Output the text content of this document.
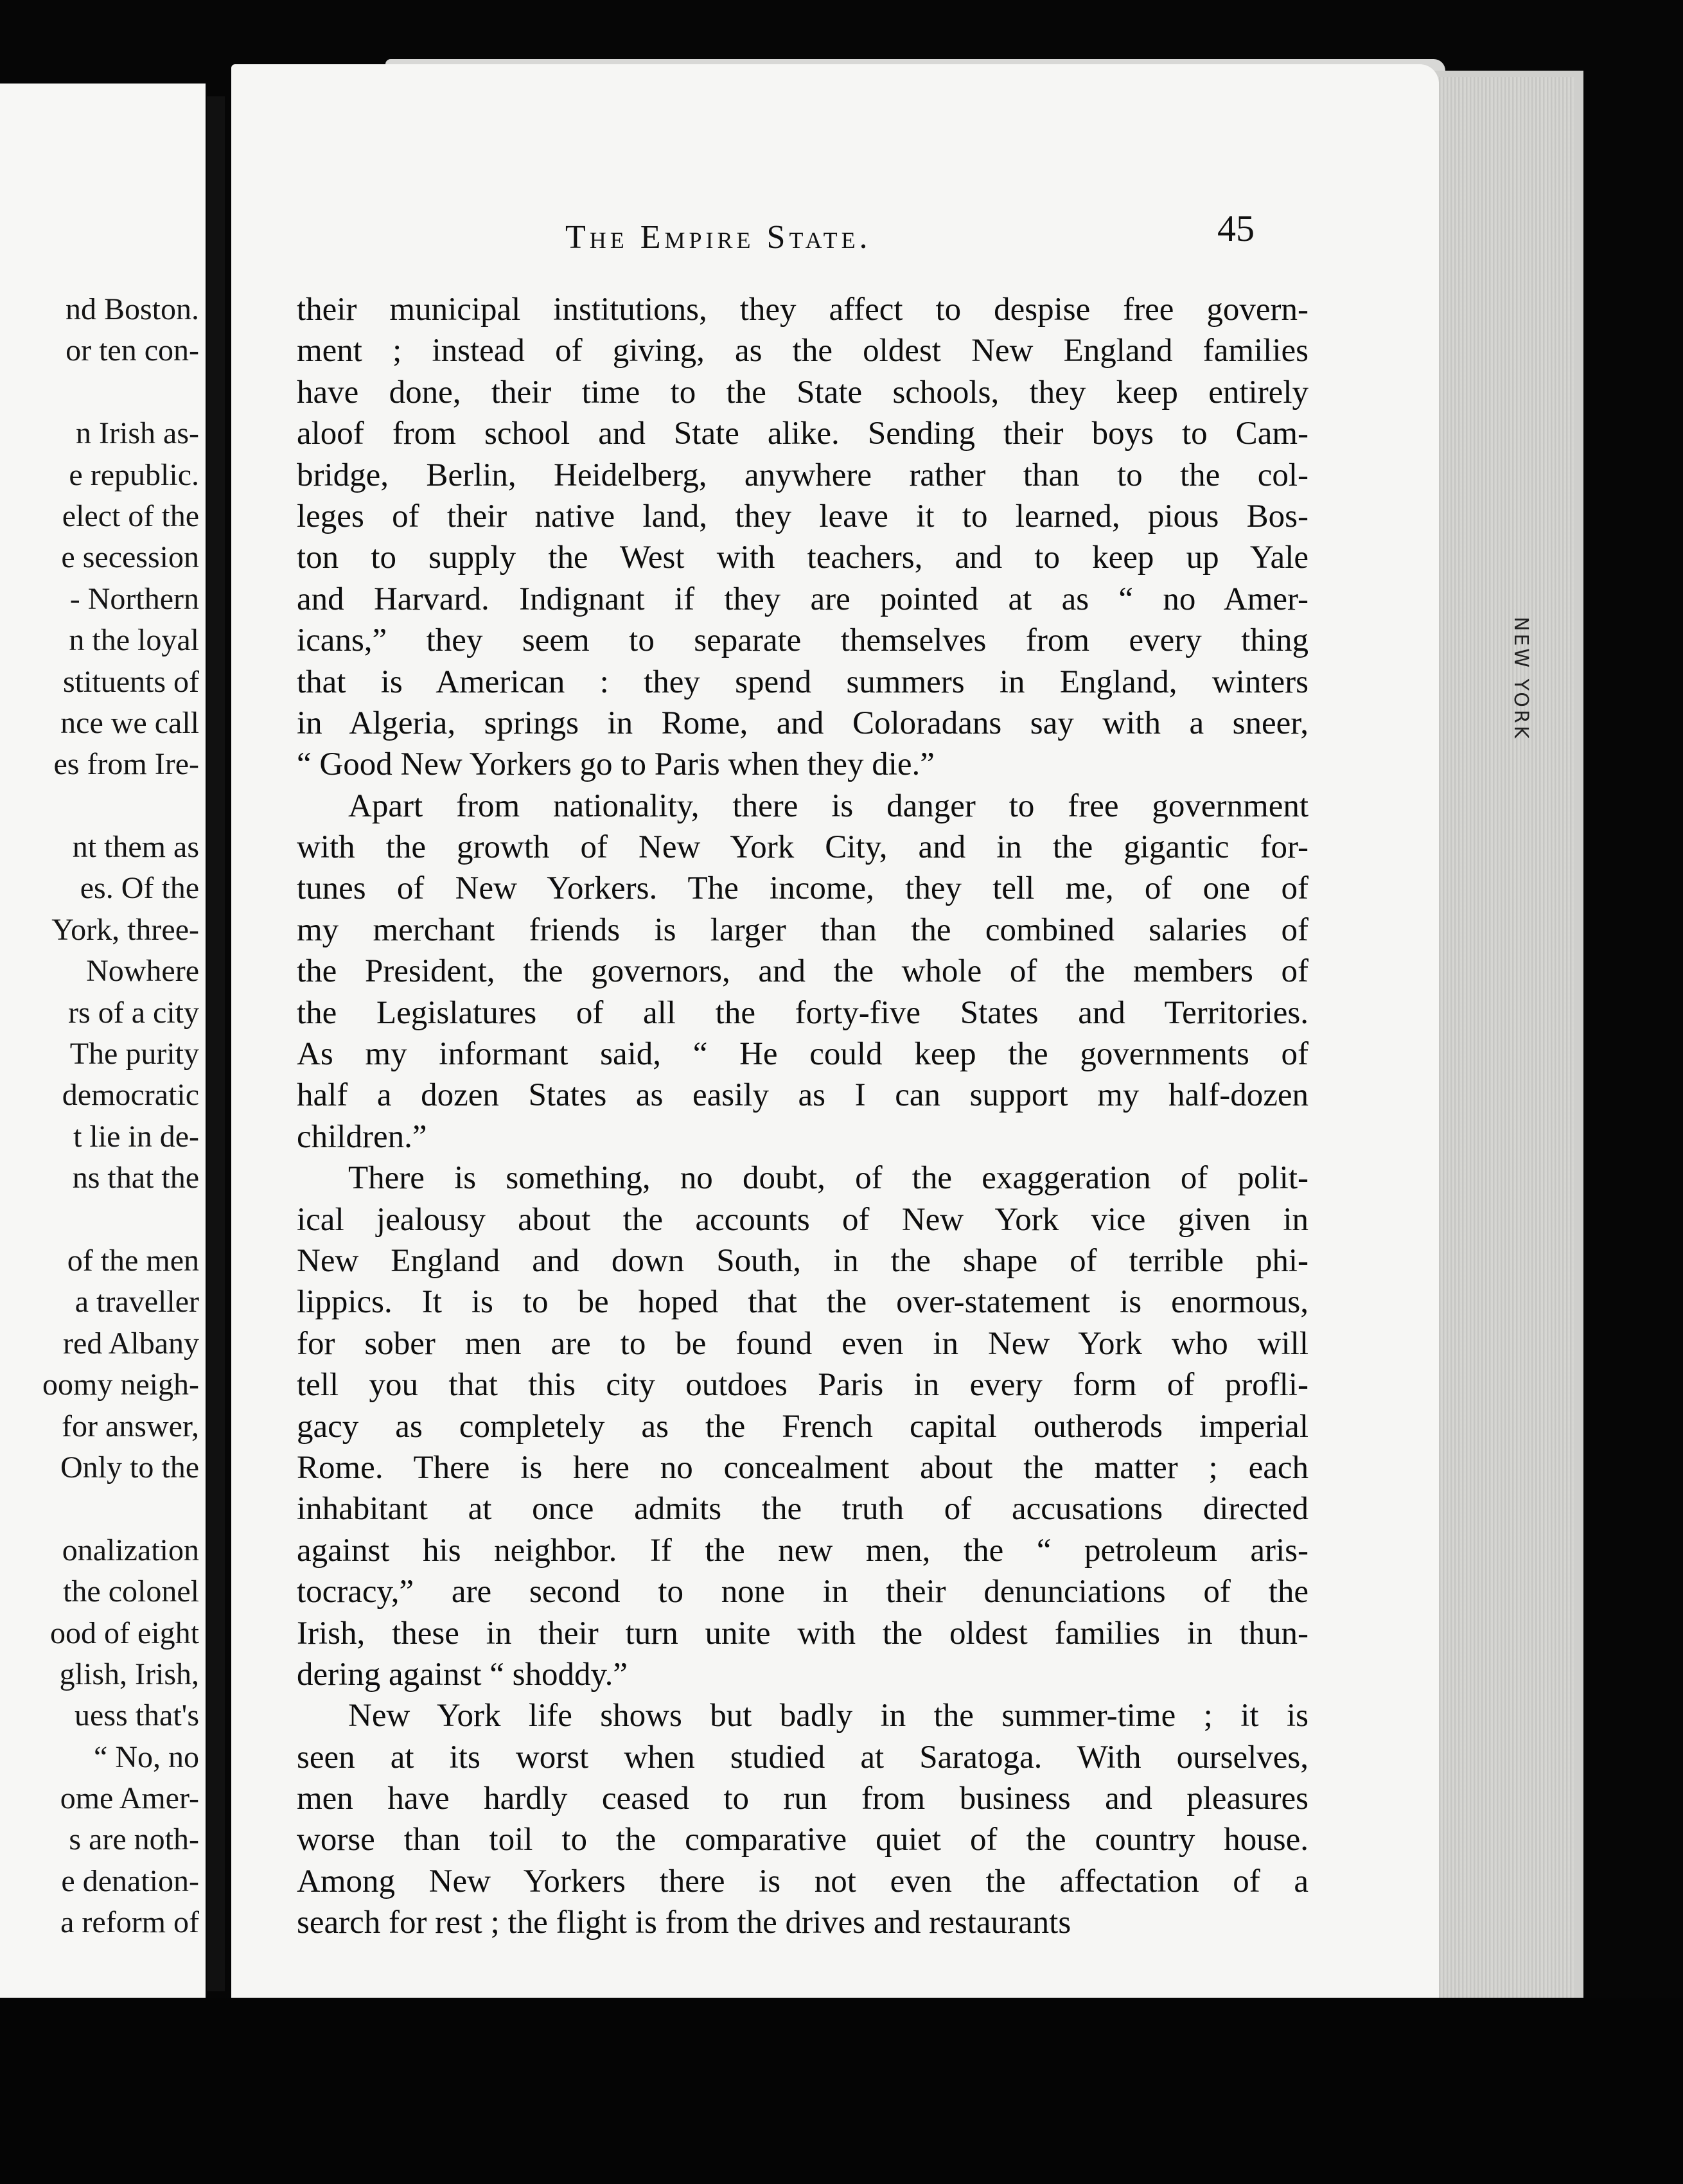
nd Boston.
or ten con-
n Irish as-
e republic.
elect of the
e secession
- Northern
n the loyal
stituents of
nce we call
es from Ire-
nt them as
es. Of the
York, three-
Nowhere
rs of a city
The purity
democratic
t lie in de-
ns that the
of the men
a traveller
red Albany
oomy neigh-
for answer,
Only to the
onalization
the colonel
ood of eight
glish, Irish,
uess that's
“ No, no
ome Amer-
s are noth-
e denation-
a reform of
NEW YORK
The Empire State.	45
their municipal institutions, they affect to despise free govern-
ment ; instead of giving, as the oldest New England families
have done, their time to the State schools, they keep entirely
aloof from school and State alike. Sending their boys to Cam-
bridge, Berlin, Heidelberg, anywhere rather than to the col-
leges of their native land, they leave it to learned, pious Bos-
ton to supply the West with teachers, and to keep up Yale
and Harvard. Indignant if they are pointed at as “ no Amer-
icans,” they seem to separate themselves from every thing
that is American : they spend summers in England, winters
in Algeria, springs in Rome, and Coloradans say with a sneer,
“ Good New Yorkers go to Paris when they die.”
Apart from nationality, there is danger to free government
with the growth of New York City, and in the gigantic for-
tunes of New Yorkers. The income, they tell me, of one of
my merchant friends is larger than the combined salaries of
the President, the governors, and the whole of the members of
the Legislatures of all the forty-five States and Territories.
As my informant said, “ He could keep the governments of
half a dozen States as easily as I can support my half-dozen
children.”
There is something, no doubt, of the exaggeration of polit-
ical jealousy about the accounts of New York vice given in
New England and down South, in the shape of terrible phi-
lippics. It is to be hoped that the over-statement is enormous,
for sober men are to be found even in New York who will
tell you that this city outdoes Paris in every form of profli-
gacy as completely as the French capital outherods imperial
Rome. There is here no concealment about the matter ; each
inhabitant at once admits the truth of accusations directed
against his neighbor. If the new men, the “ petroleum aris-
tocracy,” are second to none in their denunciations of the
Irish, these in their turn unite with the oldest families in thun-
dering against “ shoddy.”
New York life shows but badly in the summer-time ; it is
seen at its worst when studied at Saratoga. With ourselves,
men have hardly ceased to run from business and pleasures
worse than toil to the comparative quiet of the country house.
Among New Yorkers there is not even the affectation of a
search for rest ; the flight is from the drives and restaurants
